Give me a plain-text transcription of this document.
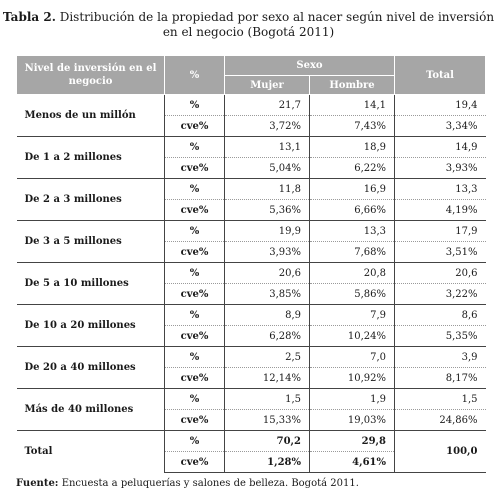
Tabla 2. Distribución de la propiedad por sexo al nacer según nivel de inversión en el negocio (Bogotá 2011)
Nivel de inversión en el negocio	%	Sexo		Total
		Mujer	Hombre	
Menos de un millón	%	21,7	14,1	19,4
	cve%	3,72%	7,43%	3,34%
De 1 a 2 millones	%	13,1	18,9	14,9
	cve%	5,04%	6,22%	3,93%
De 2 a 3 millones	%	11,8	16,9	13,3
	cve%	5,36%	6,66%	4,19%
De 3 a 5 millones	%	19,9	13,3	17,9
	cve%	3,93%	7,68%	3,51%
De 5 a 10 millones	%	20,6	20,8	20,6
	cve%	3,85%	5,86%	3,22%
De 10 a 20 millones	%	8,9	7,9	8,6
	cve%	6,28%	10,24%	5,35%
De 20 a 40 millones	%	2,5	7,0	3,9
	cve%	12,14%	10,92%	8,17%
Más de 40 millones	%	1,5	1,9	1,5
	cve%	15,33%	19,03%	24,86%
Total	%	70,2	29,8	100,0
	cve%	1,28%	4,61%	
Fuente: Encuesta a peluquerías y salones de belleza. Bogotá 2011.
